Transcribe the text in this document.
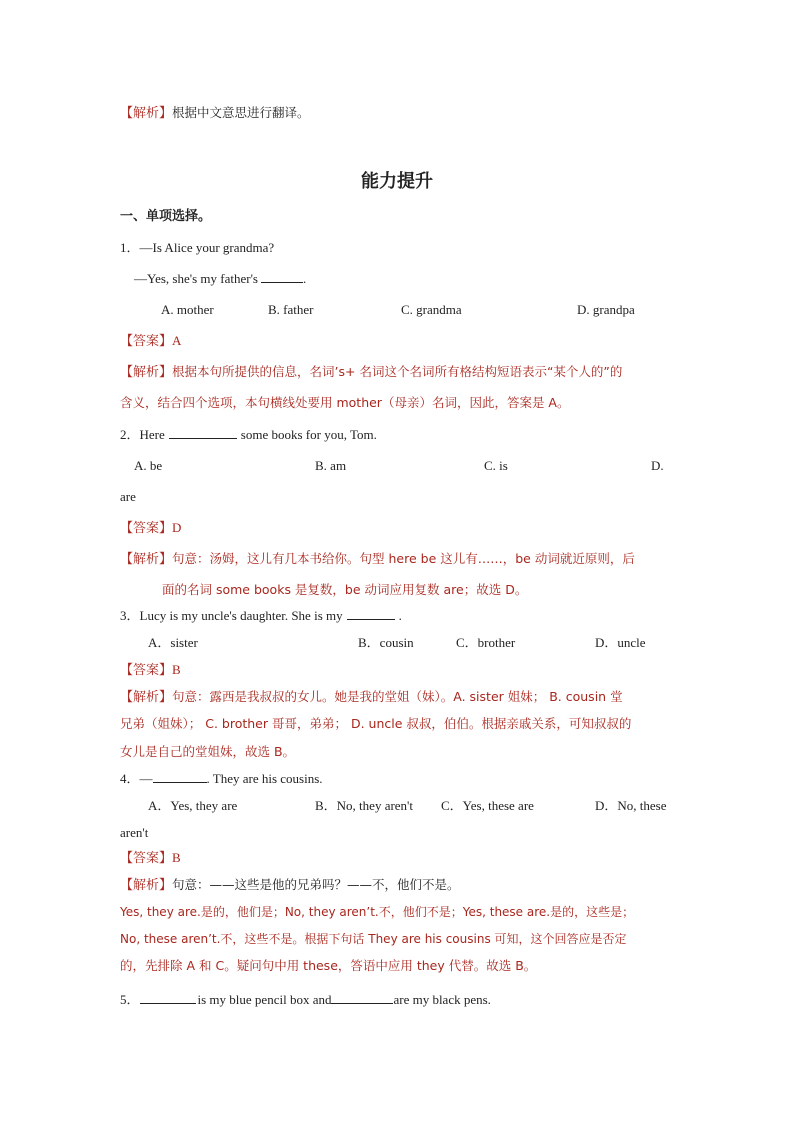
【解析】根据中文意思进行翻译。
能力提升
一、单项选择。
1．—Is Alice your grandma?
—Yes, she's my father's	.
A. mother	B. father	C. grandma	D. grandpa
【答案】A
【解析】根据本句所提供的信息，名词’s+ 名词这个名词所有格结构短语表示“某个人的”的
含义，结合四个选项，本句横线处要用 mother（母亲）名词，因此，答案是 A。
2．Here	some books for you, Tom.
A. be	B. am	C. is	D.
are
【答案】D
【解析】句意：汤姆，这儿有几本书给你。句型 here be 这儿有……，be 动词就近原则，后
面的名词 some books 是复数，be 动词应用复数 are；故选 D。
3．Lucy is my uncle's daughter. She is my	.
A．sister	B．cousin	C．brother	D．uncle
【答案】B
【解析】句意：露西是我叔叔的女儿。她是我的堂姐（妹）。A. sister 姐妹； B. cousin 堂
兄弟（姐妹）； C. brother 哥哥，弟弟； D. uncle 叔叔，伯伯。根据亲戚关系，可知叔叔的
女儿是自己的堂姐妹，故选 B。
4．—	. They are his cousins.
A．Yes, they are	B．No, they aren't C．Yes, these are	D．No, these
aren't
【答案】B
【解析】句意：——这些是他的兄弟吗？——不，他们不是。
Yes, they are.是的，他们是；No, they aren’t.不，他们不是；Yes, these are.是的，这些是；
No, these aren’t.不，这些不是。根据下句话 They are his cousins 可知，这个回答应是否定
的，先排除 A 和 C。疑问句中用 these，答语中应用 they 代替。故选 B。
5．	is my blue pencil box and	are my black pens.
